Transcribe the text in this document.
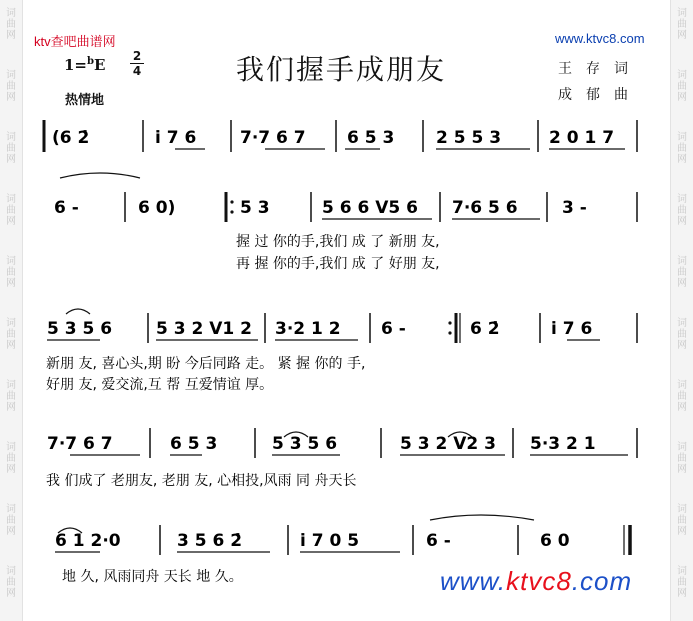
词
曲
网
词
曲
网
词
曲
网
词
曲
网
词
曲
网
词
曲
网
词
曲
网
词
曲
网
词
曲
网
词
曲
网
词
曲
网
词
曲
网
词
曲
网
词
曲
网
词
曲
网
词
曲
网
词
曲
网
词
曲
网
词
曲
网
词
曲
网
ktv查吧曲谱网	www.ktvc8.com
我们握手成朋友	王存词
成郁曲
1=$^b$E 2
4
热情地
(6 2̇	i̇ 7 6	7·7 6 7 6 5 3 2 5 5 3	2 0 1 7
6 -	6 0)	5 3	5 6 6 V5 6 7·6 5 6	3 -
握 过 你的手,我们 成 了 新朋 友,
再 握 你的手,我们 成 了 好朋 友,
5 3 5 6	5 3 2 V1 2 3·2 1 2 6 -	6 2̇	i̇ 7 6
新朋 友, 喜心头,期 盼 今后同路 走。 紧 握 你的 手,
好朋 友, 爱交流,互 帮 互爱情谊 厚。
7·7 6 7	6 5 3	5 3 5 6	5 3 2 V2 3 5·3 2 1
我 们成了 老朋友, 老朋 友, 心相投,风雨 同 舟天长
6 1 2·0	3 5 6 2̇	i̇ 7 0 5	6 -	6 0
地 久, 风雨同舟 天长 地 久。	www.ktvc8.com
